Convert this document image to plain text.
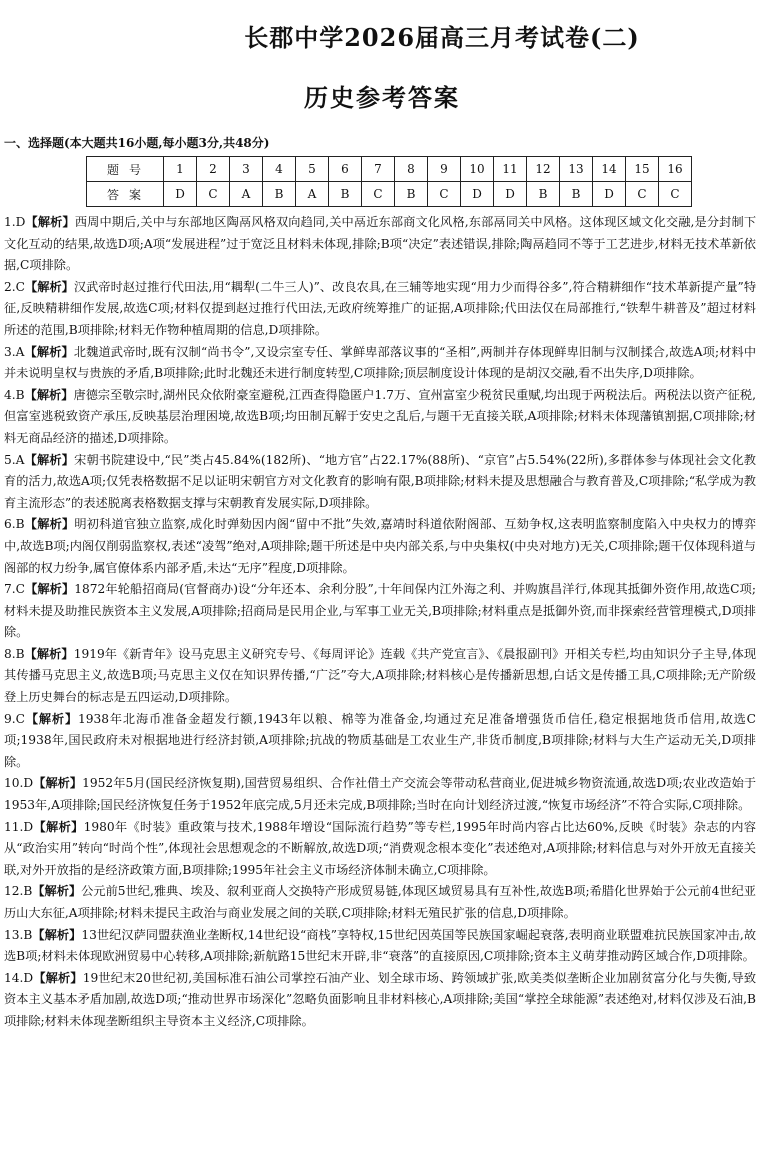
长郡中学2026届高三月考试卷(二)
历史参考答案
一、选择题(本大题共16小题,每小题3分,共48分)
题号	1	2	3	4	5	6	7	8	9	10	11	12	13	14	15	16
答案	D	C	A	B	A	B	C	B	C	D	D	B	B	D	C	C

1.D【解析】西周中期后,关中与东部地区陶鬲风格双向趋同,关中鬲近东部商文化风格,东部鬲同关中风格。这体现区域文化交融,是分封制下文化互动的结果,故选D项;A项“发展进程”过于宽泛且材料未体现,排除;B项“决定”表述错误,排除;陶鬲趋同不等于工艺进步,材料无技术革新依据,C项排除。

2.C【解析】汉武帝时赵过推行代田法,用“耦犁(二牛三人)”、改良农具,在三辅等地实现“用力少而得谷多”,符合精耕细作“技术革新提产量”特征,反映精耕细作发展,故选C项;材料仅提到赵过推行代田法,无政府统筹推广的证据,A项排除;代田法仅在局部推行,“铁犁牛耕普及”超过材料所述的范围,B项排除;材料无作物种植周期的信息,D项排除。

3.A【解析】北魏道武帝时,既有汉制“尚书令”,又设宗室专任、掌鲜卑部落议事的“圣相”,两制并存体现鲜卑旧制与汉制揉合,故选A项;材料中并未说明皇权与贵族的矛盾,B项排除;此时北魏还未进行制度转型,C项排除;顶层制度设计体现的是胡汉交融,看不出失序,D项排除。

4.B【解析】唐德宗至敬宗时,湖州民众依附豪室避税,江西查得隐匿户1.7万、宣州富室少税贫民重赋,均出现于两税法后。两税法以资产征税,但富室逃税致资产承压,反映基层治理困境,故选B项;均田制瓦解于安史之乱后,与题干无直接关联,A项排除;材料未体现藩镇割据,C项排除;材料无商品经济的描述,D项排除。

5.A【解析】宋朝书院建设中,“民”类占45.84%(182所)、“地方官”占22.17%(88所)、“京官”占5.54%(22所),多群体参与体现社会文化教育的活力,故选A项;仅凭表格数据不足以证明宋朝官方对文化教育的影响有限,B项排除;材料未提及思想融合与教育普及,C项排除;“私学成为教育主流形态”的表述脱离表格数据支撑与宋朝教育发展实际,D项排除。

6.B【解析】明初科道官独立监察,成化时弹劾因内阁“留中不批”失效,嘉靖时科道依附阁部、互劾争权,这表明监察制度陷入中央权力的博弈中,故选B项;内阁仅削弱监察权,表述“凌驾”绝对,A项排除;题干所述是中央内部关系,与中央集权(中央对地方)无关,C项排除;题干仅体现科道与阁部的权力纷争,属官僚体系内部矛盾,未达“无序”程度,D项排除。

7.C【解析】1872年轮船招商局(官督商办)设“分年还本、余利分股”,十年间保内江外海之利、并购旗昌洋行,体现其抵御外资作用,故选C项;材料未提及助推民族资本主义发展,A项排除;招商局是民用企业,与军事工业无关,B项排除;材料重点是抵御外资,而非探索经营管理模式,D项排除。

8.B【解析】1919年《新青年》设马克思主义研究专号、《每周评论》连载《共产党宣言》、《晨报副刊》开相关专栏,均由知识分子主导,体现其传播马克思主义,故选B项;马克思主义仅在知识界传播,“广泛”夸大,A项排除;材料核心是传播新思想,白话文是传播工具,C项排除;无产阶级登上历史舞台的标志是五四运动,D项排除。

9.C【解析】1938年北海币准备金超发行额,1943年以粮、棉等为准备金,均通过充足准备增强货币信任,稳定根据地货币信用,故选C项;1938年,国民政府未对根据地进行经济封锁,A项排除;抗战的物质基础是工农业生产,非货币制度,B项排除;材料与大生产运动无关,D项排除。

10.D【解析】1952年5月(国民经济恢复期),国营贸易组织、合作社借土产交流会等带动私营商业,促进城乡物资流通,故选D项;农业改造始于1953年,A项排除;国民经济恢复任务于1952年底完成,5月还未完成,B项排除;当时在向计划经济过渡,“恢复市场经济”不符合实际,C项排除。

11.D【解析】1980年《时装》重政策与技术,1988年增设“国际流行趋势”等专栏,1995年时尚内容占比达60%,反映《时装》杂志的内容从“政治实用”转向“时尚个性”,体现社会思想观念的不断解放,故选D项;“消费观念根本变化”表述绝对,A项排除;材料信息与对外开放无直接关联,对外开放指的是经济政策方面,B项排除;1995年社会主义市场经济体制未确立,C项排除。

12.B【解析】公元前5世纪,雅典、埃及、叙利亚商人交换特产形成贸易链,体现区域贸易具有互补性,故选B项;希腊化世界始于公元前4世纪亚历山大东征,A项排除;材料未提民主政治与商业发展之间的关联,C项排除;材料无殖民扩张的信息,D项排除。

13.B【解析】13世纪汉萨同盟获渔业垄断权,14世纪设“商栈”享特权,15世纪因英国等民族国家崛起衰落,表明商业联盟难抗民族国家冲击,故选B项;材料未体现欧洲贸易中心转移,A项排除;新航路15世纪末开辟,非“衰落”的直接原因,C项排除;资本主义萌芽推动跨区域合作,D项排除。

14.D【解析】19世纪末20世纪初,美国标准石油公司掌控石油产业、划全球市场、跨领域扩张,欧美类似垄断企业加剧贫富分化与失衡,导致资本主义基本矛盾加剧,故选D项;“推动世界市场深化”忽略负面影响且非材料核心,A项排除;美国“掌控全球能源”表述绝对,材料仅涉及石油,B项排除;材料未体现垄断组织主导资本主义经济,C项排除。
